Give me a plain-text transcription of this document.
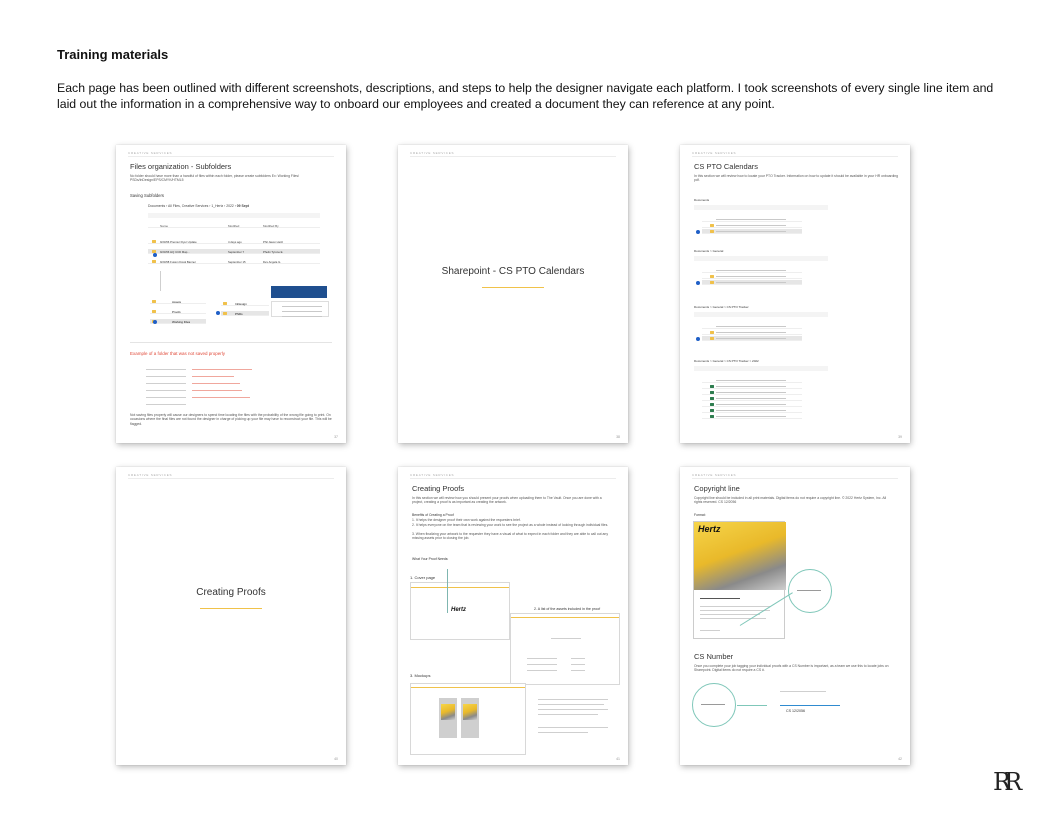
Training materials
Each page has been outlined with different screenshots, descriptions, and steps to help the designer navigate each platform. I took screenshots of every single line item and laid out the information in a comprehensive way to onboard our employees and created a document they can reference at any point.
CREATIVE SERVICES
Files organization - Subfolders
No folder should have more than a handful of files within each folder, please create subfolders Ex: Working Files/ PSDs/InDesign/EPS/CMYK/HTML5
Saving Subfolders
Documents › All Files, Creative Services › 1_Hertz › 2022 › 09 Sept
Name	Modified	Modified By
9/23/66 Premier Flyer Update	4 days ago	Phil Jason Heitz
9/23/66 HQ UCD Map...	September 7	Phelix Tyrone E.
9/23/68 Fusion Kiosk Banner	September 15	Dev Angela G.
Assets
Proofs
Working Files
InDesign
PSDs
Example of a folder that was not saved properly
Not saving files properly will cause our designers to spend time locating the files with the probability of the wrong file going to print. On occasions where the final files are not found the designer in charge of picking up your file may have to reconstruct your file. This will be flagged.
37
CREATIVE SERVICES
Sharepoint - CS PTO Calendars
38
CREATIVE SERVICES
CS PTO Calendars
In this section we will review how to locate your PTO Tracker. Information on how to update it should be available in your HR onboarding pdf.
Documents
Documents > General
Documents > General > CS PTO Tracker
Documents > General > CS PTO Tracker > 2022
39
CREATIVE SERVICES
Creating Proofs
40
CREATIVE SERVICES
Creating Proofs
In this section we will review how you should present your proofs when uploading them to The Vault. Once you are done with a project, creating a proof is as important as creating the artwork.
Benefits of Creating a Proof
1. It helps the designer proof their own work against the requesters brief.
2. It helps everyone on the team that is reviewing your work to see the project as a whole instead of looking through individual files.
3. When finalizing your artwork to the requester they have a visual of what to expect in each folder and they are able to call out any missing assets prior to closing the job.
What Your Proof Needs:
1. Cover page
Hertz	2. A list of the assets included in the proof
3. Mockups
41
CREATIVE SERVICES
Copyright line
Copyright line should be included in all print materials. Digital items do not require a copyright line. © 2022 Hertz System, Inc. All rights reserved. CS 12/2056
Format:
Hertz
CS Number
Once you complete your job tagging your individual proofs with a CS Number is important, as a team we use this to locate jobs on Sharepoint. Digital items do not require a CS #.
CS 12/2056
42
RR
